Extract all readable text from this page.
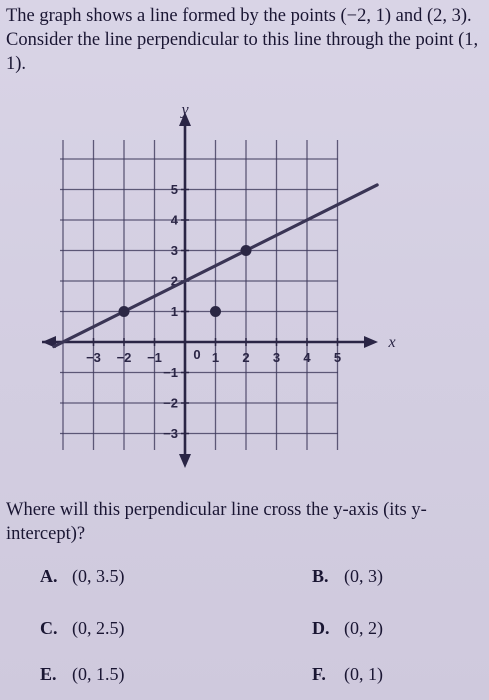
The graph shows a line formed by the points (−2, 1) and (2, 3). Consider the line perpendicular to this line through the point (1, 1).
−3 −2 −1	1 2 3 4 5
5
4
3
2
1
−1
−2
−3
0
x
y
Where will this perpendicular line cross the y-axis (its y-intercept)?
A. (0, 3.5)	B. (0, 3)
C. (0, 2.5)	D. (0, 2)
E. (0, 1.5)	F. (0, 1)
